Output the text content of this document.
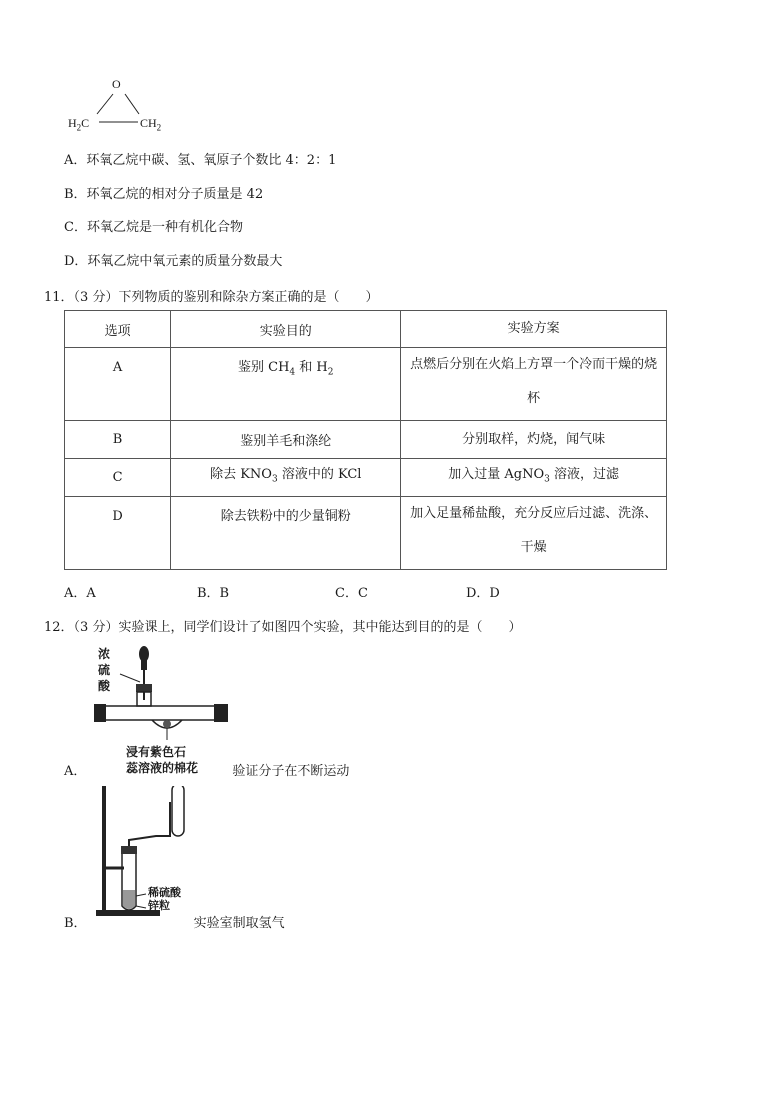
O
$H_2C$	$CH_2$
A．环氧乙烷中碳、氢、氧原子个数比 4：2：1
B．环氧乙烷的相对分子质量是 42
C．环氧乙烷是一种有机化合物
D．环氧乙烷中氧元素的质量分数最大
11．（3 分）下列物质的鉴别和除杂方案正确的是（　　）
选项	实验目的	实验方案

A	鉴别 $CH_4$ 和 $H_2$	点燃后分别在火焰上方罩一个冷而干燥的烧杯
B	鉴别羊毛和涤纶	分别取样，灼烧，闻气味
C	除去 $KNO_3$ 溶液中的 KCl	加入过量 AgNO$_3$ 溶液，过滤

D	除去铁粉中的少量铜粉	加入足量稀盐酸，充分反应后过滤、洗涤、干燥
A．A	B．B	C．C	D．D
12．（3 分）实验课上，同学们设计了如图四个实验，其中能达到目的的是（　　）
浓
硫
酸
浸有紫色石
蕊溶液的棉花
A．	验证分子在不断运动
稀硫酸
锌粒
B．	实验室制取氢气
